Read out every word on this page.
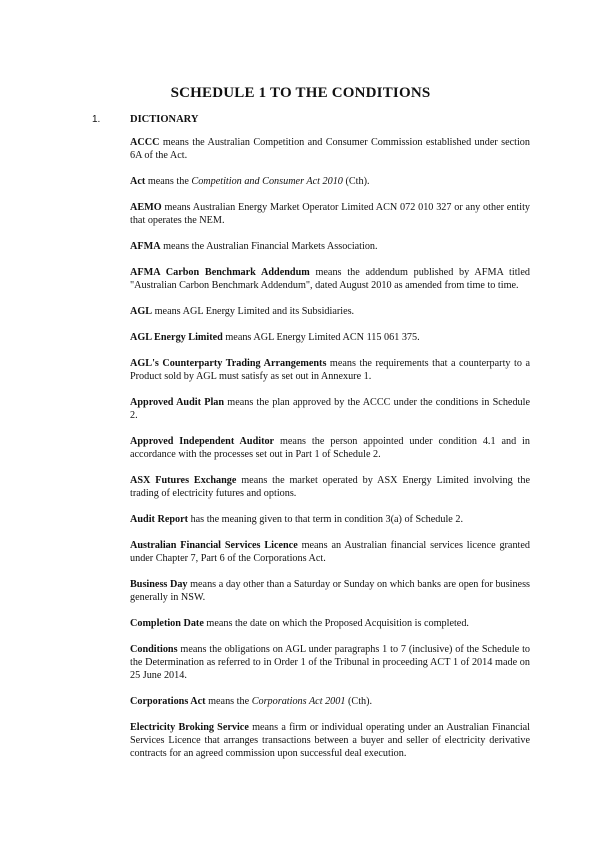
SCHEDULE 1 TO THE CONDITIONS
1.	DICTIONARY

ACCC means the Australian Competition and Consumer Commission established under section 6A of the Act.

Act means the Competition and Consumer Act 2010 (Cth).

AEMO means Australian Energy Market Operator Limited ACN 072 010 327 or any other entity that operates the NEM.

AFMA means the Australian Financial Markets Association.

AFMA Carbon Benchmark Addendum means the addendum published by AFMA titled "Australian Carbon Benchmark Addendum", dated August 2010 as amended from time to time.

AGL means AGL Energy Limited and its Subsidiaries.

AGL Energy Limited means AGL Energy Limited ACN 115 061 375.

AGL's Counterparty Trading Arrangements means the requirements that a counterparty to a Product sold by AGL must satisfy as set out in Annexure 1.

Approved Audit Plan means the plan approved by the ACCC under the conditions in Schedule 2.

Approved Independent Auditor means the person appointed under condition 4.1 and in accordance with the processes set out in Part 1 of Schedule 2.

ASX Futures Exchange means the market operated by ASX Energy Limited involving the trading of electricity futures and options.

Audit Report has the meaning given to that term in condition 3(a) of Schedule 2.

Australian Financial Services Licence means an Australian financial services licence granted under Chapter 7, Part 6 of the Corporations Act.

Business Day means a day other than a Saturday or Sunday on which banks are open for business generally in NSW.

Completion Date means the date on which the Proposed Acquisition is completed.

Conditions means the obligations on AGL under paragraphs 1 to 7 (inclusive) of the Schedule to the Determination as referred to in Order 1 of the Tribunal in proceeding ACT 1 of 2014 made on 25 June 2014.

Corporations Act means the Corporations Act 2001 (Cth).

Electricity Broking Service means a firm or individual operating under an Australian Financial Services Licence that arranges transactions between a buyer and seller of electricity derivative contracts for an agreed commission upon successful deal execution.
